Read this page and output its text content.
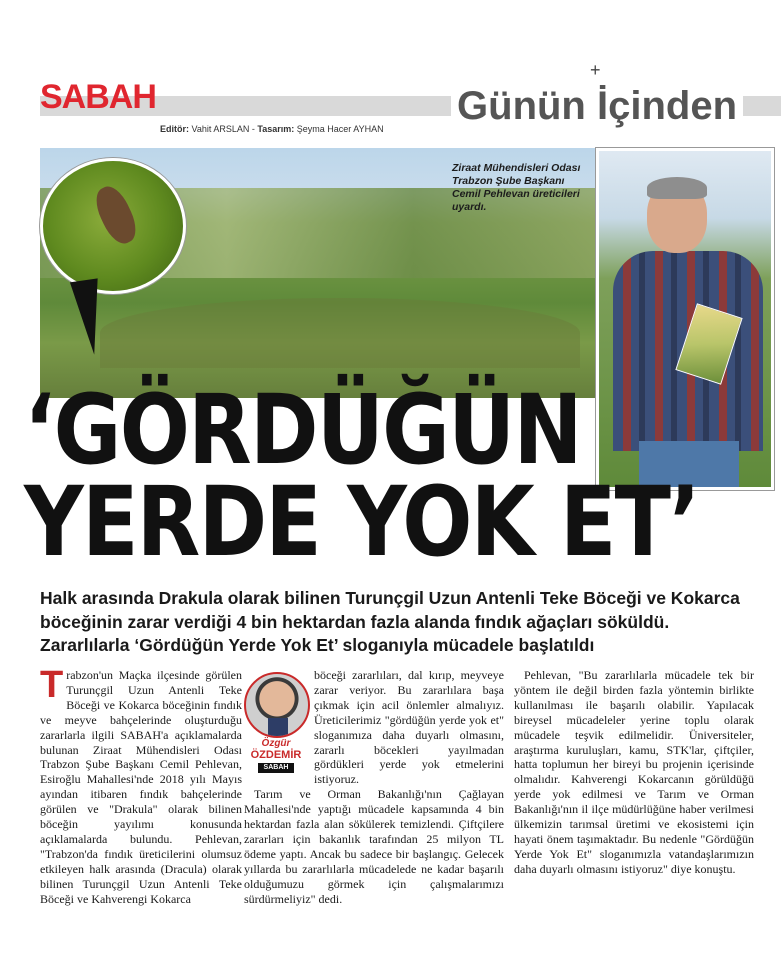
SABAH
+
Günün İçinden
Editör: Vahit ARSLAN - Tasarım: Şeyma Hacer AYHAN
Ziraat Mühendisleri Odası Trabzon Şube Başkanı Cemil Pehlevan üreticileri uyardı.
‘GÖRDÜĞÜN
YERDE YOK ET’
Halk arasında Drakula olarak bilinen Turunçgil Uzun Antenli Teke Böceği ve Kokarca böceğinin zarar verdiği 4 bin hektardan fazla alanda fındık ağaçları söküldü. Zararlılarla ‘Gördüğün Yerde Yok Et’ sloganıyla mücadele başlatıldı

Trabzon'un Maçka ilçesinde görülen Turunçgil Uzun Antenli Teke Böceği ve Kokarca böceğinin fındık ve meyve bahçelerinde oluşturduğu zararlarla ilgili SABAH'a açıklamalarda bulunan Ziraat Mühendisleri Odası Trabzon Şube Başkanı Cemil Pehlevan, Esiroğlu Mahallesi'nde 2018 yılı Mayıs ayından itibaren fındık bahçelerinde görülen ve "Drakula" olarak bilinen böceğin yayılımı konusunda açıklamalarda bulundu. Pehlevan, "Trabzon'da fındık üreticilerini olumsuz etkileyen halk arasında (Dracula) olarak bilinen Turunçgil Uzun Antenli Teke Böceği ve Kahverengi Kokarca

Özgür
ÖZDEMİR
SABAH

böceği zararlıları, dal kırıp, meyveye zarar veriyor. Bu zararlılara başa çıkmak için acil önlemler almalıyız. Üreticilerimiz "gördüğün yerde yok et" sloganımıza daha duyarlı olmasını, zararlı böcekleri yayılmadan gördükleri yerde yok etmelerini istiyoruz.

Tarım ve Orman Bakanlığı'nın Çağlayan Mahallesi'nde yaptığı mücadele kapsamında 4 bin hektardan fazla alan sökülerek temizlendi. Çiftçilere zararları için bakanlık tarafından 25 milyon TL ödeme yaptı. Ancak bu sadece bir başlangıç. Gelecek yıllarda bu zararlılarla mücadelede ne kadar başarılı olduğumuzu görmek için çalışmalarımızı sürdürmeliyiz" dedi.

Pehlevan, "Bu zararlılarla mücadele tek bir yöntem ile değil birden fazla yöntemin birlikte kullanılması ile başarılı olabilir. Yapılacak bireysel mücadeleler yerine toplu olarak mücadele teşvik edilmelidir. Üniversiteler, araştırma kuruluşları, kamu, STK'lar, çiftçiler, hatta toplumun her bireyi bu projenin içerisinde olmalıdır. Kahverengi Kokarcanın görüldüğü yerde yok edilmesi ve Tarım ve Orman Bakanlığı'nın il ilçe müdürlüğüne haber verilmesi ülkemizin tarımsal üretimi ve ekosistemi için hayati önem taşımaktadır. Bu nedenle "Gördüğün Yerde Yok Et" sloganımızla vatandaşlarımızın daha duyarlı olmasını istiyoruz" diye konuştu.
